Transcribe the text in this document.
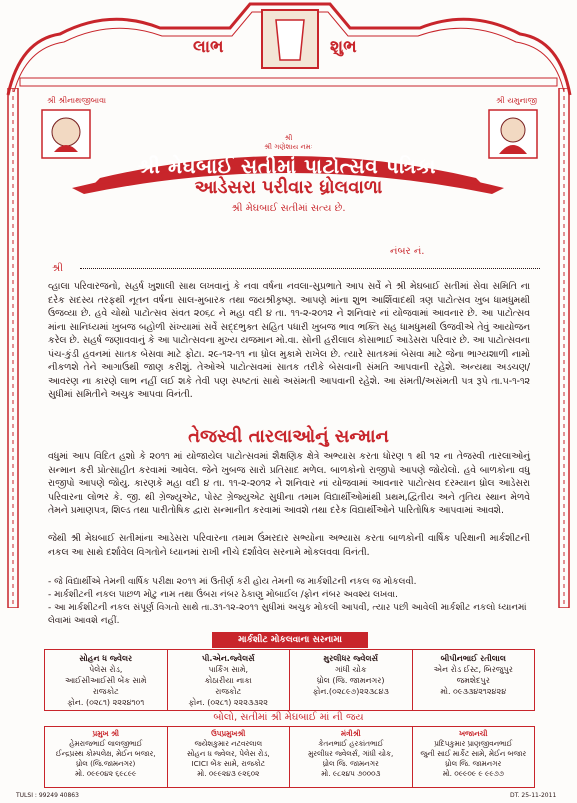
લાભ	શુભ
શ્રી શ્રીનાથજીબાવા	શ્રી યમુનાજી
શ્રી
શ્રી ગણેશાય નમઃ
શ્રી મેઘબાઈ સતીમાં પાટોત્સવ પત્રિકા
આડેસરા પરીવાર ધ્રોલવાળા
શ્રી મેઘબાઈ સતીમાં સત્ય છે.
નંબર નં.
શ્રી
વ્હાલા પરિવારજનો, સહર્ષ ખુશાલી સાથ લખવાનું કે નવા વર્ષના નવલા-સુપ્રભાતે આપ સર્વે ને શ્રી મેઘબાઈ સતીમાં સેવા સમિતિ ના દરેક સદસ્ય તરફથી નૂતન વર્ષના સાલ-મુબારક તથા જયશ્રીકૃષ્ણ. આપણે માંના શુભ આર્શિવાદથી ત્રણ પાટોત્સવ ખુબ ધામધુમથી ઉજવ્યા છે. હવે ચોથો પાટોત્સવ સંવત ૨૦૬૮ ને મહા વદી ૪ તા. ૧૧-૨-૨૦૧૨ ને શનિવાર નાં યોજવામાં આવનાર છે. આ પાટોત્સવ માંના સાનિધ્યમાં ખુબજ બહોળી સંખ્યામાં સર્વે સદ્દભુક્ત સહિત પધારી ખુબજ ભાવ ભક્તિ સહ ધામધુમથી ઉજવીએ તેવું આયોજન કરેલ છે. સહર્ષ જણાવવાનું કે આ પાટોત્સવના મુખ્ય યજમાન મો.વા. સોની હરીલાલ કોસાભાઈ આડેસરા પરિવાર છે. આ પાટોત્સવના પંચ-કુંડી હવનમાં સાતક બેસવા માટે ફોટા. ૨૯-૧૨-૧૧ ના ધ્રોલ મુકામે રાખેલ છે. ત્યારે સાતકમાં બેસવા માટે જેના ભાગ્યશાળી નામો નીકળશે તેને આગાઉથી જાણ કરીશું. તેઓએ પાટોત્સવમાં સાતક તરીકે બેસવાની સંમતિ આપવાની રહેશે. અન્યથા અડચણ/આવરણ ના કારણે લાભ નહીં લઈ શકે તેવી પણ સ્પષ્ટતાં સાથે અસંમતી આપવાની રહેશે. આ સંમતી/અસંમતી પત્ર રૂપે તા.૫-૧-૧૨ સુધીમાં સમિતીને અચુક આપવા વિનંતી.
તેજસ્વી તારલાઓનું સન્માન
વધુમાં આપ વિદિત હશો કે ૨૦૧૧ માં યોજાયેલ પાટોત્સવમાં શૈક્ષણિક ક્ષેત્રે અભ્યાસ કરતા ધોરણ ૧ થી ૧૨ ના તેજસ્વી તારલાઓનું સન્માન કરી પ્રોત્સાહીત કરવામાં આવેલ. જેને ખુબજ સારો પ્રતિસાદ મળેલ. બાળકોનો રાજીપો આપણે જોયેલો. હવે બાળકોના વધુ રાજીપો આપણે જોયુ. કારણકે મહા વદી ૪ તા. ૧૧-૨-૨૦૧૨ ને શનિવાર નાં યોજવામાં આવનાર પાટોત્સવ દરમ્યાન ધ્રોલ આડેસરા પરિવારના લોભર કે. જી. થી ગ્રેજ્યુએટ, પોસ્ટ ગ્રેજ્યુએટ સુધીના તમામ વિદ્યાર્થીઓમાંથી પ્રથમ,દ્વિતીય અને તૃતિય સ્થાન મેળવે તેમને પ્રમાણપત્ર, શિલ્ડ તથા પારીતોષિક દ્વારા સન્માનીત કરવામાં આવશે તથા દરેક વિદ્યાર્થીઓને પારિતોષિક આપવામાં આવશે.
જેથી શ્રી મેઘબાઈ સતીમાંના આડેસરા પરિવારના તમામ ઉંમરદાર સભ્યોના અભ્યાસ કરતા બાળકોની વાર્ષિક પરિક્ષાની માર્કશીટની નકલ આ સાથે દર્શાવેલ વિગતોને ધ્યાનમાં રાખી નીચે દર્શાવેલ સરનામે મોકલવવા વિનંતી.
- જે વિદ્યાર્થીએ તેમની વાર્ષિક પરીક્ષા ૨૦૧૧ માં ઉતીર્ણ કરી હોય તેમની જ માર્કશીટની નકલ જ મોકલવી.
- માર્કશીટની નકલ પાછળ મોટુ નામ તથા ઉંબરા નંબર ઠેકાણુ મોબાઈલ /ફોન નંબર અવશ્ય લખવા.
- આ માર્કશીટની નકલ સંપૂર્ણ વિગતો સાથે તા.૩૧-૧૨-૨૦૧૧ સુધીમાં અચુક મોકલી આપવી, ત્યાર પછી આવેલી માર્કશીટ નકલો ધ્યાનમાં લેવામાં આવશે નહીં.
માર્કશીટ મોકલવાના સરનામા
સોહન ધ જ્વેલર
પેલેસ રોડ,
આઈસીઆઈસી બેંક સામે
રાજકોટ
ફોન. (૦૨૮૧) ૨૨૨૪૧૦૧
પી.એન.જ્વેલર્સ
પાર્કિંગ સામે,
કોઠારીયા નાકા
રાજકોટ
ફોન. (૦૨૮૧) ૨૨૨૩૩૨૨
મુરલીધર જ્વેલર્સ
ગાંધી ચોક
ધ્રોલ (જિ. જામનગર)
ફોન.(૦૨૮૯૭)૨૨૩૮૪૩
બીપીનભાઈ રતીલાલ
એન રોડ ઈસ્ટ, બિરજુપુર
જમશેદપુર
મો. ૦૯૩૩૪૨૧૨૪૨૪
બોલો, સતીમાં શ્રી મેઘબાઈ માં ની જય
પ્રમુખ શ્રી
હેમરાજભાઈ લાલજીભાઈ
ઈન્દ્રપ્રસ્થ કોમ્પલેક્ષ, મેઈન બજાર,
ધ્રોલ (જિ.જામનગર)
મો. ૦૯૯૦૪૨ ૬૯૮૯૯
ઉપપ્રમુખશ્રી
જયેશકુમાર નટવરલાલ
સોહન ધ જ્વેલર, પેલેસ રોડ,
ICICI બેંક સામે, રાજકોટ
મો. ૦૯૯૨૪૩ ૯૨૬૦૨
મંત્રીશ્રી
કેતનભાઈ હરકાંતભાઈ
મુરલીધર જ્વેલર્સ, ગાંધી ચોક,
ધ્રોલ જિ. જામનગર
મો. ૯૮૨૪૫ ૭૦૦૦૩
ખજાનચી
પ્રદિપકુમાર પ્રાણજીવનભાઈ
જુની સાઈ માર્કેટ સામે, મેઈન બજાર
ધ્રોલ જિ. જામનગર
મો. ૦૯૯૦૯ ૯ ૯૯૭૭
TULSI : 99249 40863	DT. 25-11-2011
